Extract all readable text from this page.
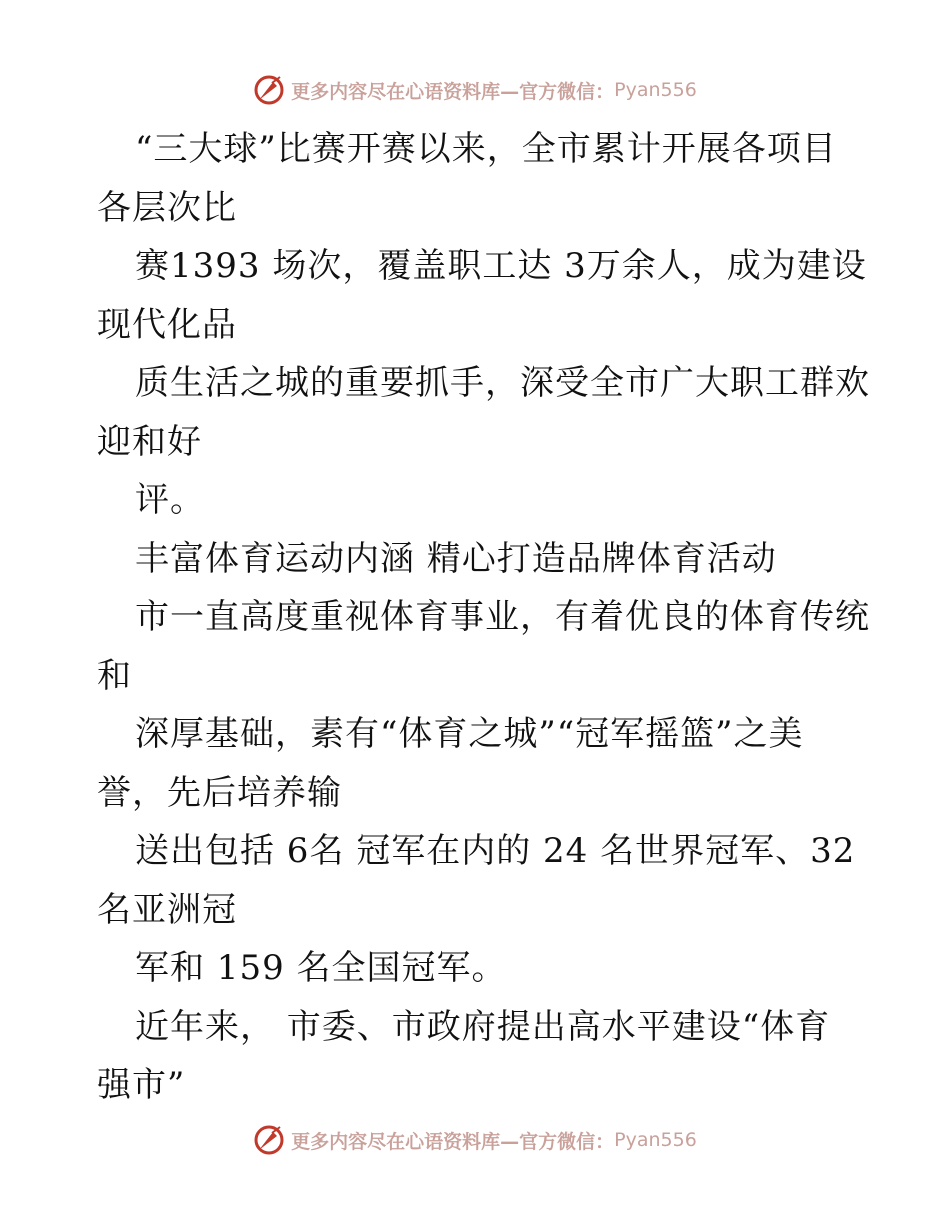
更多内容尽在心语资料库—官方微信： Pyan556
“三大球”比赛开赛以来，全市累计开展各项目
各层次比
赛1393 场次，覆盖职工达 3万余人，成为建设
现代化品
质生活之城的重要抓手，深受全市广大职工群欢
迎和好
评。
丰富体育运动内涵 精心打造品牌体育活动
市一直高度重视体育事业，有着优良的体育传统
和
深厚基础，素有“体育之城”“冠军摇篮”之美
誉，先后培养输
送出包括 6名 冠军在内的 24 名世界冠军、32
名亚洲冠
军和 159 名全国冠军。
近年来， 市委、市政府提出高水平建设“体育
强市”
更多内容尽在心语资料库—官方微信： Pyan556
